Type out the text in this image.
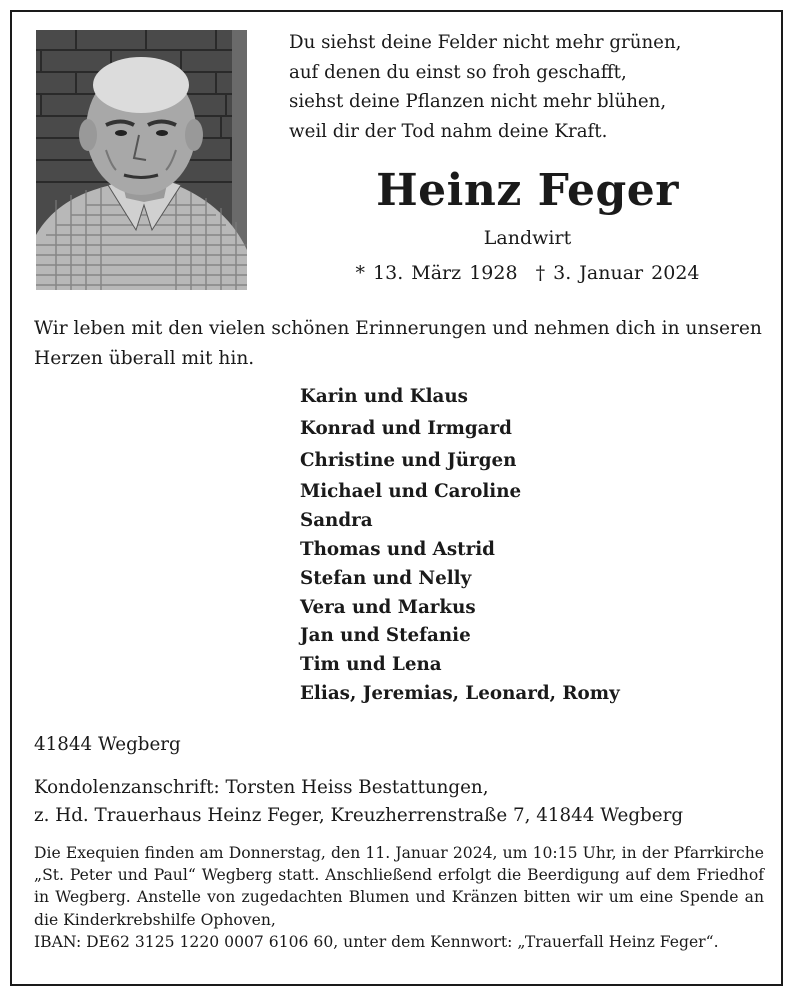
Du siehst deine Felder nicht mehr grünen,
auf denen du einst so froh geschafft,
siehst deine Pflanzen nicht mehr blühen,
weil dir der Tod nahm deine Kraft.
Heinz Feger
Landwirt
* 13. März 1928 † 3. Januar 2024
Wir leben mit den vielen schönen Erinnerungen und nehmen dich in unseren Herzen überall mit hin.
Karin und Klaus
Konrad und Irmgard
Christine und Jürgen
Michael und Caroline
Sandra
Thomas und Astrid
Stefan und Nelly
Vera und Markus
Jan und Stefanie
Tim und Lena
Elias, Jeremias, Leonard, Romy
41844 Wegberg
Kondolenzanschrift: Torsten Heiss Bestattungen,
z. Hd. Trauerhaus Heinz Feger, Kreuzherrenstraße 7, 41844 Wegberg

Die Exequien finden am Donnerstag, den 11. Januar 2024, um 10:15 Uhr, in der Pfarrkirche „St. Peter und Paul“ Wegberg statt. Anschließend erfolgt die Beerdigung auf dem Friedhof in Wegberg. Anstelle von zugedachten Blumen und Kränzen bitten wir um eine Spende an die Kinderkrebshilfe Ophoven,

IBAN: DE62 3125 1220 0007 6106 60, unter dem Kennwort: „Trauerfall Heinz Feger“.
